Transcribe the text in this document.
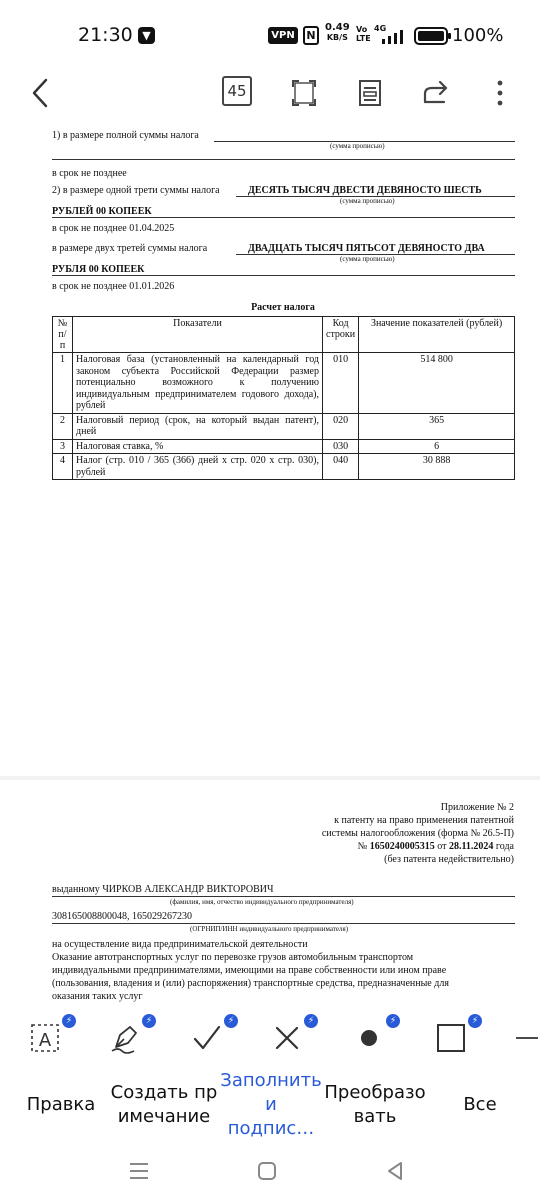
21:30 ▼	VPN	N
0.49
KB/S
Vo LTE
4G	100%
45
1) в размере полной суммы налога
(сумма прописью)
в срок не позднее
2) в размере одной трети суммы налога	ДЕСЯТЬ ТЫСЯЧ ДВЕСТИ ДЕВЯНОСТО ШЕСТЬ
(сумма прописью)
РУБЛЕЙ 00 КОПЕЕК
в срок не позднее 01.04.2025
в размере двух третей суммы налога	ДВАДЦАТЬ ТЫСЯЧ ПЯТЬСОТ ДЕВЯНОСТО ДВА
(сумма прописью)
РУБЛЯ 00 КОПЕЕК
в срок не позднее 01.01.2026
Расчет налога
№ п/п	Показатели	Код строки	Значение показателей (рублей)
1	Налоговая база (установленный на календарный год законом субъекта Российской Федерации размер потенциально возможного к получению индивидуальным предпринимателем годового дохода), рублей	010	514 800
2	Налоговый период (срок, на который выдан патент), дней	020	365
3	Налоговая ставка, %	030	6
4	Налог (стр. 010 / 365 (366) дней х стр. 020 х стр. 030), рублей	040	30 888
Приложение № 2
к патенту на право применения патентной
системы налогообложения (форма № 26.5-П)
№ 1650240005315 от 28.11.2024 года
(без патента недействительно)
выданному ЧИРКОВ АЛЕКСАНДР ВИКТОРОВИЧ
(фамилия, имя, отчество индивидуального предпринимателя)
308165008800048, 165029267230
(ОГРНИП/ИНН индивидуального предпринимателя)
на осуществление вида предпринимательской деятельности
Оказание автотранспортных услуг по перевозке грузов автомобильным транспортом
индивидуальными предпринимателями, имеющими на праве собственности или ином праве
(пользования, владения и (или) распоряжения) транспортные средства, предназначенные для
оказания таких услуг
A
⚡	⚡	⚡	⚡	⚡	⚡
Правка
Создать пр
имечание
Заполнить
и подпис…
Преобразо
вать
Все
